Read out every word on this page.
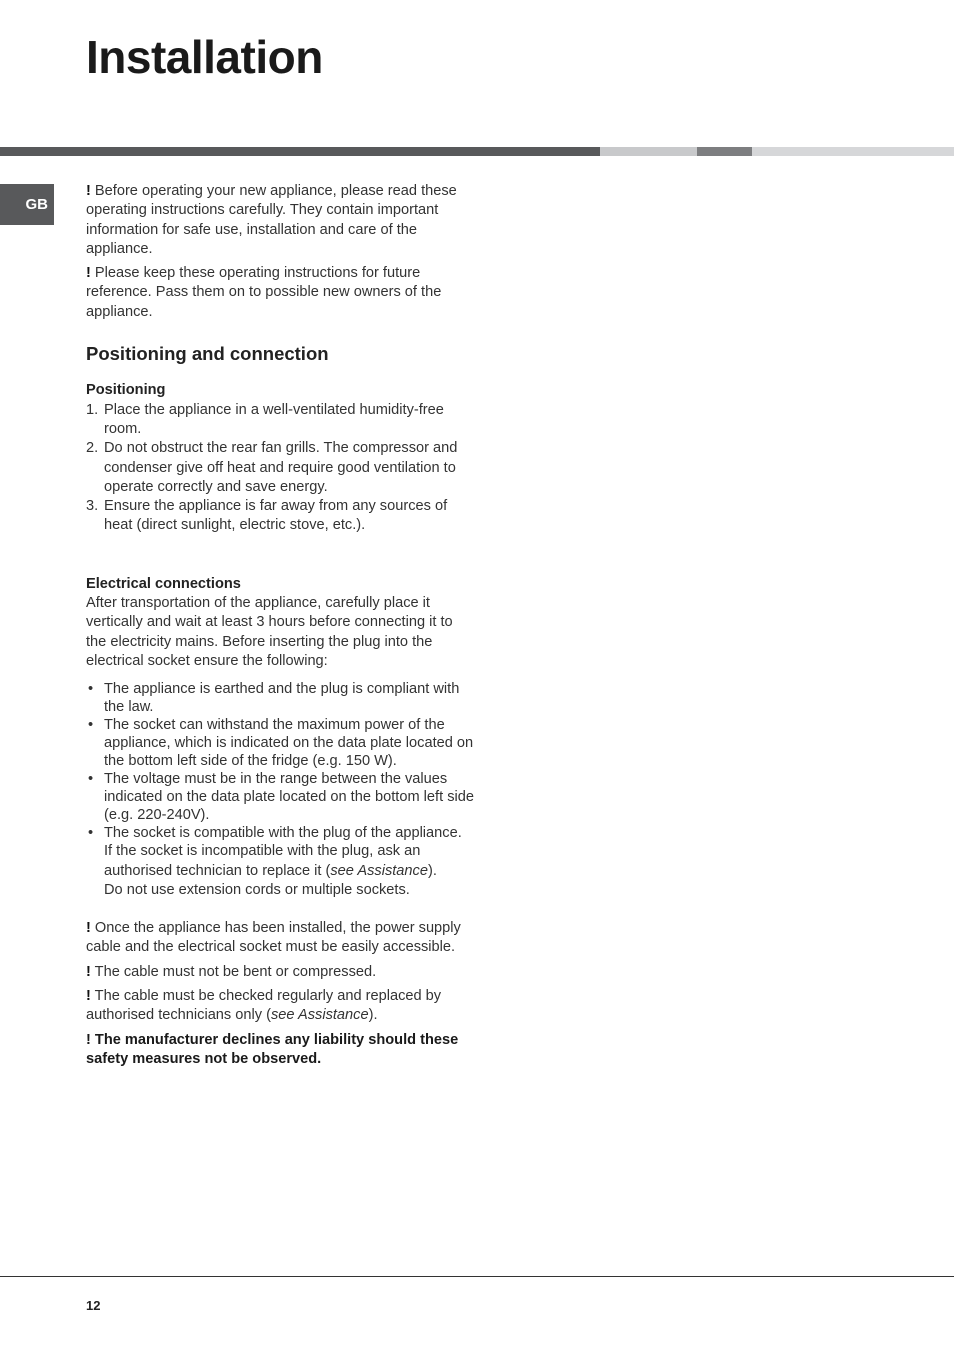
Installation
GB

! Before operating your new appliance, please read these operating instructions carefully. They contain important information for safe use, installation and care of the appliance.

! Please keep these operating instructions for future reference. Pass them on to possible new owners of the appliance.

Positioning and connection
Positioning
1. Place the appliance in a well-ventilated humidity-free room.
2. Do not obstruct the rear fan grills. The compressor and condenser give off heat and require good ventilation to operate correctly and save energy.
3. Ensure the appliance is far away from any sources of heat (direct sunlight, electric stove, etc.).
Electrical connections

After transportation of the appliance, carefully place it vertically and wait at least 3 hours before connecting it to the electricity mains. Before inserting the plug into the electrical socket ensure the following:

• The appliance is earthed and the plug is compliant with the law.
• The socket can withstand the maximum power of the appliance, which is indicated on the data plate located on the bottom left side of the fridge (e.g. 150 W).
• The voltage must be in the range between the values indicated on the data plate located on the bottom left side (e.g. 220-240V).
• The socket is compatible with the plug of the appliance.
If the socket is incompatible with the plug, ask an authorised technician to replace it (see Assistance).
Do not use extension cords or multiple sockets.

! Once the appliance has been installed, the power supply cable and the electrical socket must be easily accessible.

! The cable must not be bent or compressed.

! The cable must be checked regularly and replaced by authorised technicians only (see Assistance).

! The manufacturer declines any liability should these safety measures not be observed.

12
